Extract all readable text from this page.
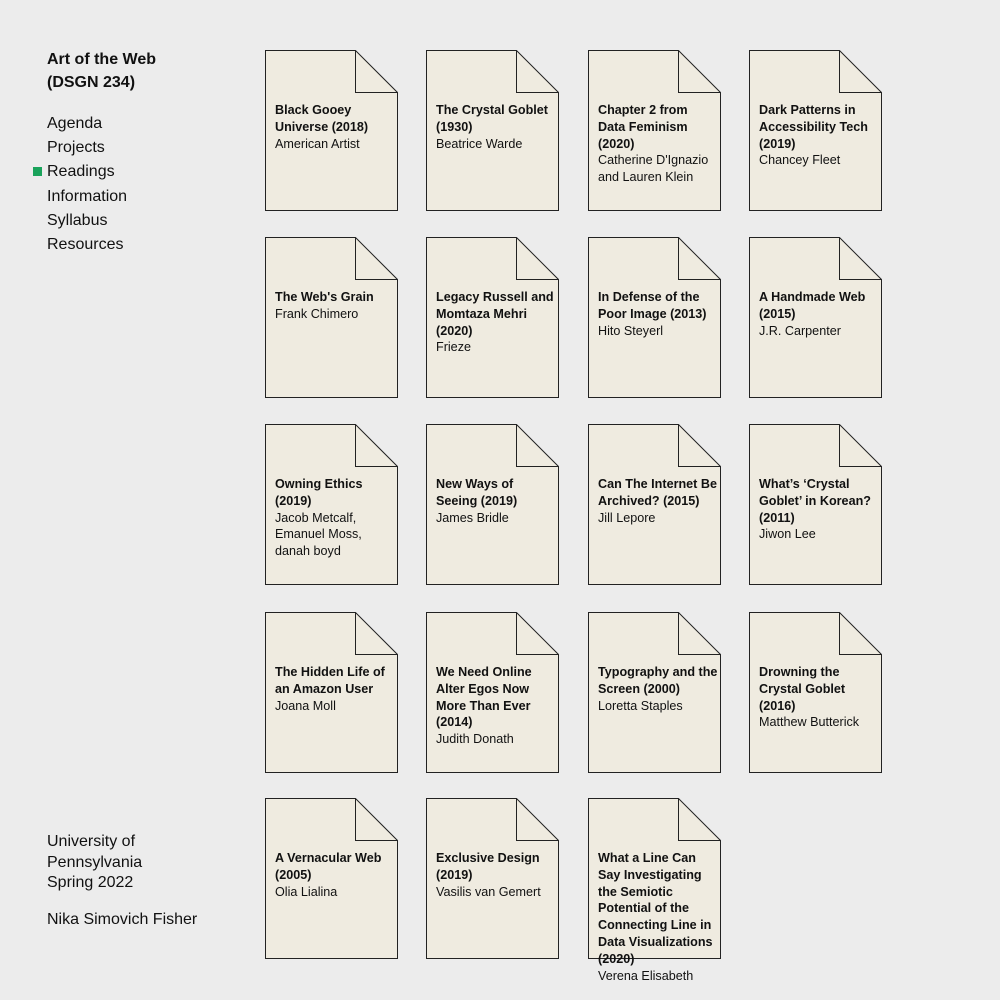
Art of the Web
(DSGN 234)
Agenda
Projects
Readings
Information
Syllabus
Resources
University of Pennsylvania
Spring 2022
Nika Simovich Fisher
Black Gooey Universe (2018)
American Artist
The Crystal Goblet (1930)
Beatrice Warde
Chapter 2 from Data Feminism (2020)
Catherine D'Ignazio and Lauren Klein
Dark Patterns in Accessibility Tech (2019)
Chancey Fleet
The Web's Grain
Frank Chimero
Legacy Russell and Momtaza Mehri (2020)
Frieze
In Defense of the Poor Image (2013)
Hito Steyerl
A Handmade Web (2015)
J.R. Carpenter
Owning Ethics (2019)
Jacob Metcalf, Emanuel Moss, danah boyd
New Ways of Seeing (2019)
James Bridle
Can The Internet Be Archived? (2015)
Jill Lepore
What’s ‘Crystal Goblet’ in Korean? (2011)
Jiwon Lee
The Hidden Life of an Amazon User
Joana Moll
We Need Online Alter Egos Now More Than Ever (2014)
Judith Donath
Typography and the Screen (2000)
Loretta Staples
Drowning the Crystal Goblet (2016)
Matthew Butterick
A Vernacular Web (2005)
Olia Lialina
Exclusive Design (2019)
Vasilis van Gemert
What a Line Can Say Investigating the Semiotic Potential of the Connecting Line in Data Visualizations (2020)
Verena Elisabeth
